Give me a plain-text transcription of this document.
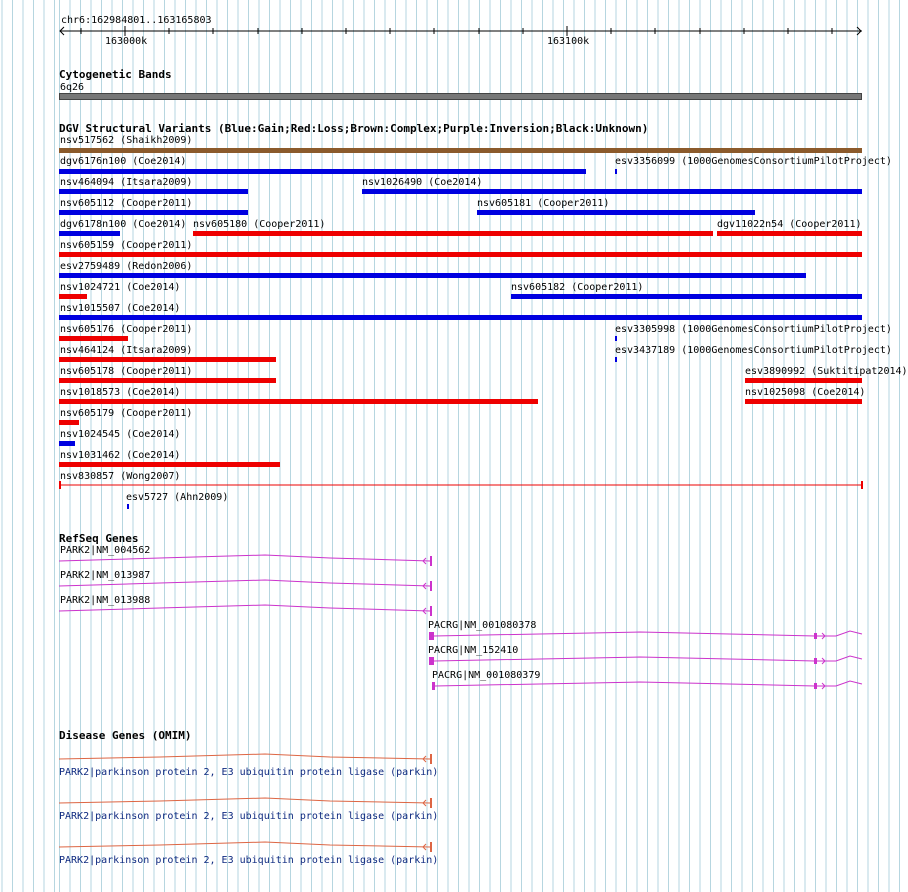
chr6:162984801..163165803
163000k	163100k
Cytogenetic Bands
6q26
DGV Structural Variants (Blue:Gain;Red:Loss;Brown:Complex;Purple:Inversion;Black:Unknown)
nsv517562 (Shaikh2009)
dgv6176n100 (Coe2014)	esv3356099 (1000GenomesConsortiumPilotProject)
nsv464094 (Itsara2009)	nsv1026490 (Coe2014)
nsv605112 (Cooper2011)	nsv605181 (Cooper2011)
dgv6178n100 (Coe2014) nsv605180 (Cooper2011)	dgv11022n54 (Cooper2011)
nsv605159 (Cooper2011)
esv2759489 (Redon2006)
nsv1024721 (Coe2014)	nsv605182 (Cooper2011)
nsv1015507 (Coe2014)
nsv605176 (Cooper2011)	esv3305998 (1000GenomesConsortiumPilotProject)
nsv464124 (Itsara2009)	esv3437189 (1000GenomesConsortiumPilotProject)
nsv605178 (Cooper2011)	esv3890992 (Suktitipat2014)
nsv1018573 (Coe2014)	nsv1025098 (Coe2014)
nsv605179 (Cooper2011)
nsv1024545 (Coe2014)
nsv1031462 (Coe2014)
nsv830857 (Wong2007)
esv5727 (Ahn2009)
RefSeq Genes
PARK2|NM_004562
PARK2|NM_013987
PARK2|NM_013988
PACRG|NM_001080378
PACRG|NM_152410
PACRG|NM_001080379
Disease Genes (OMIM)
PARK2|parkinson protein 2, E3 ubiquitin protein ligase (parkin)
PARK2|parkinson protein 2, E3 ubiquitin protein ligase (parkin)
PARK2|parkinson protein 2, E3 ubiquitin protein ligase (parkin)
